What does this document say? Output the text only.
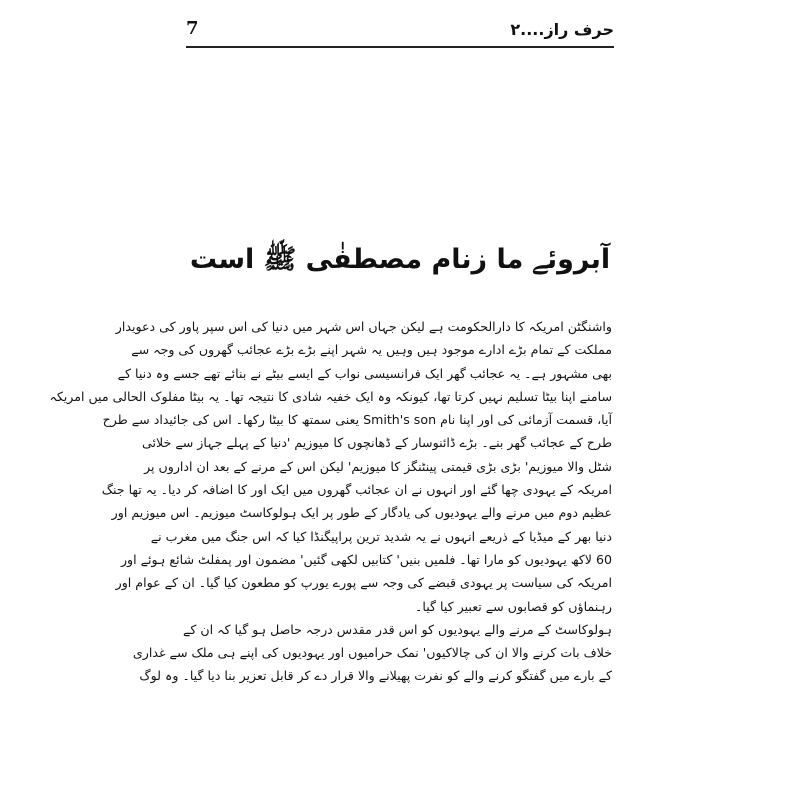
7	حرف راز....۲
آبروئے ما زنام مصطفٰی ﷺ است

واشنگٹن امریکہ کا دارالحکومت ہے لیکن جہاں اس شہر میں دنیا کی اس سپر پاور کی دعویدار
مملکت کے تمام بڑے ادارے موجود ہیں وہیں یہ شہر اپنے بڑے بڑے عجائب گھروں کی وجہ سے
بھی مشہور ہے۔ یہ عجائب گھر ایک فرانسیسی نواب کے ایسے بیٹے نے بنائے تھے جسے وہ دنیا کے
سامنے اپنا بیٹا تسلیم نہیں کرتا تھا، کیونکہ وہ ایک خفیہ شادی کا نتیجہ تھا۔ یہ بیٹا مفلوک الحالی میں امریکہ
آیا، قسمت آزمائی کی اور اپنا نام Smith's son یعنی سمتھ کا بیٹا رکھا۔ اس کی جائیداد سے طرح
طرح کے عجائب گھر بنے۔ بڑے ڈائنوسار کے ڈھانچوں کا میوزیم 'دنیا کے پہلے جہاز سے خلائی
شٹل والا میوزیم' بڑی بڑی قیمتی پینٹنگز کا میوزیم' لیکن اس کے مرنے کے بعد ان اداروں پر
امریکہ کے یہودی چھا گئے اور انہوں نے ان عجائب گھروں میں ایک اور کا اضافہ کر دیا۔ یہ تھا جنگ
عظیم دوم میں مرنے والے یہودیوں کی یادگار کے طور پر ایک ہولوکاسٹ میوزیم۔ اس میوزیم اور
دنیا بھر کے میڈیا کے ذریعے انہوں نے یہ شدید ترین پراپیگنڈا کیا کہ اس جنگ میں مغرب نے
60 لاکھ یہودیوں کو مارا تھا۔ فلمیں بنیں' کتابیں لکھی گئیں' مضمون اور پمفلٹ شائع ہوئے اور
امریکہ کی سیاست پر یہودی قبضے کی وجہ سے پورے یورپ کو مطعون کیا گیا۔ ان کے عوام اور
رہنماؤں کو قصابوں سے تعبیر کیا گیا۔

ہولوکاسٹ کے مرنے والے یہودیوں کو اس قدر مقدس درجہ حاصل ہو گیا کہ ان کے
خلاف بات کرنے والا ان کی چالاکیوں' نمک حرامیوں اور یہودیوں کی اپنے ہی ملک سے غداری
کے بارے میں گفتگو کرنے والے کو نفرت پھیلانے والا قرار دے کر قابل تعزیر بنا دیا گیا۔ وہ لوگ
